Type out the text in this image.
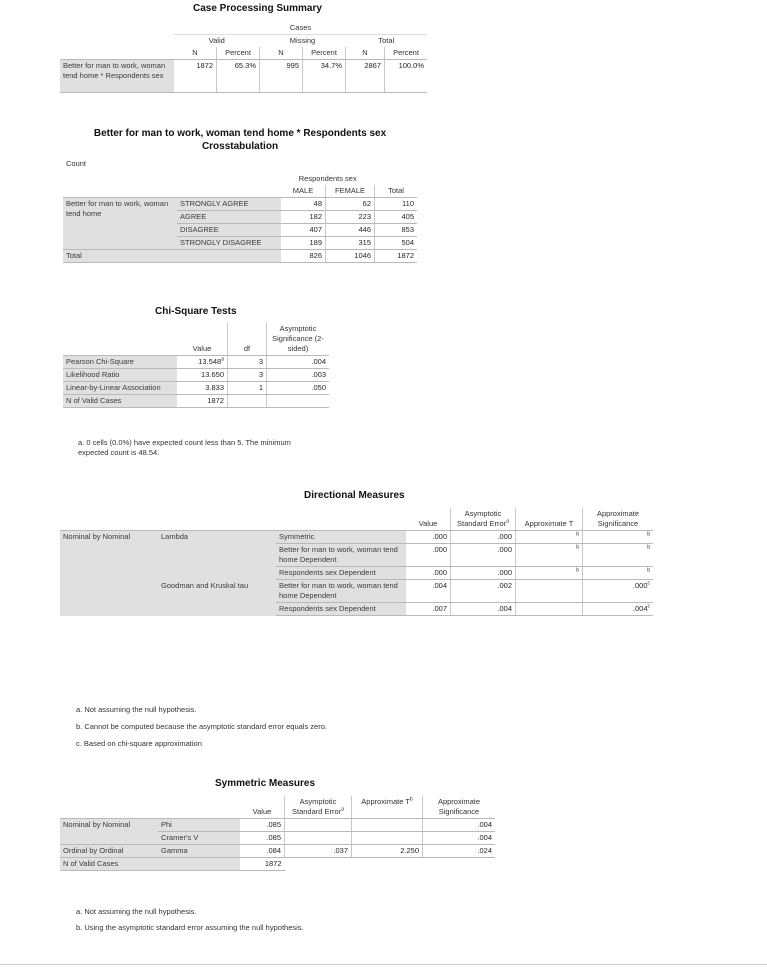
Case Processing Summary
	Cases					
	Valid		Missing		Total	
	N	Percent	N	Percent	N	Percent
Better for man to work, woman tend home * Respondents sex	1872	65.3%	995	34.7%	2867	100.0%
Better for man to work, woman tend home * Respondents sex
Crosstabulation
Count
		Respondents sex		
		MALE	FEMALE	Total
Better for man to work, woman tend home	STRONGLY AGREE	48	62	110
	AGREE	182	223	405
	DISAGREE	407	446	853
	STRONGLY DISAGREE	189	315	504
Total		826	1046	1872
Chi-Square Tests
	Value	df	Asymptotic Significance (2-sided)
Pearson Chi-Square	13.548$^a$	3	.004
Likelihood Ratio	13.650	3	.003
Linear-by-Linear Association	3.833	1	.050
N of Valid Cases	1872		
a. 0 cells (0.0%) have expected count less than 5. The minimum expected count is 48.54.
Directional Measures
			Value	Asymptotic Standard Error$^a$	Approximate T	Approximate Significance
Nominal by Nominal	Lambda	Symmetric	.000	.000	$^b$	$^b$
		Better for man to work, woman tend home Dependent	.000	.000	$^b$	$^b$
		Respondents sex Dependent	.000	.000	$^b$	$^b$
	Goodman and Kruskal tau	Better for man to work, woman tend home Dependent	.004	.002		.000$^c$
		Respondents sex Dependent	.007	.004		.004$^c$
a. Not assuming the null hypothesis.
b. Cannot be computed because the asymptotic standard error equals zero.
c. Based on chi-square approximation
Symmetric Measures
		Value	Asymptotic Standard Error$^a$	Approximate $T^b$	Approximate Significance
Nominal by Nominal	Phi	.085			.004
	Cramer's V	.085			.004
Ordinal by Ordinal	Gamma	.084	.037	2.250	.024
N of Valid Cases		1872			
a. Not assuming the null hypothesis.
b. Using the asymptotic standard error assuming the null hypothesis.
